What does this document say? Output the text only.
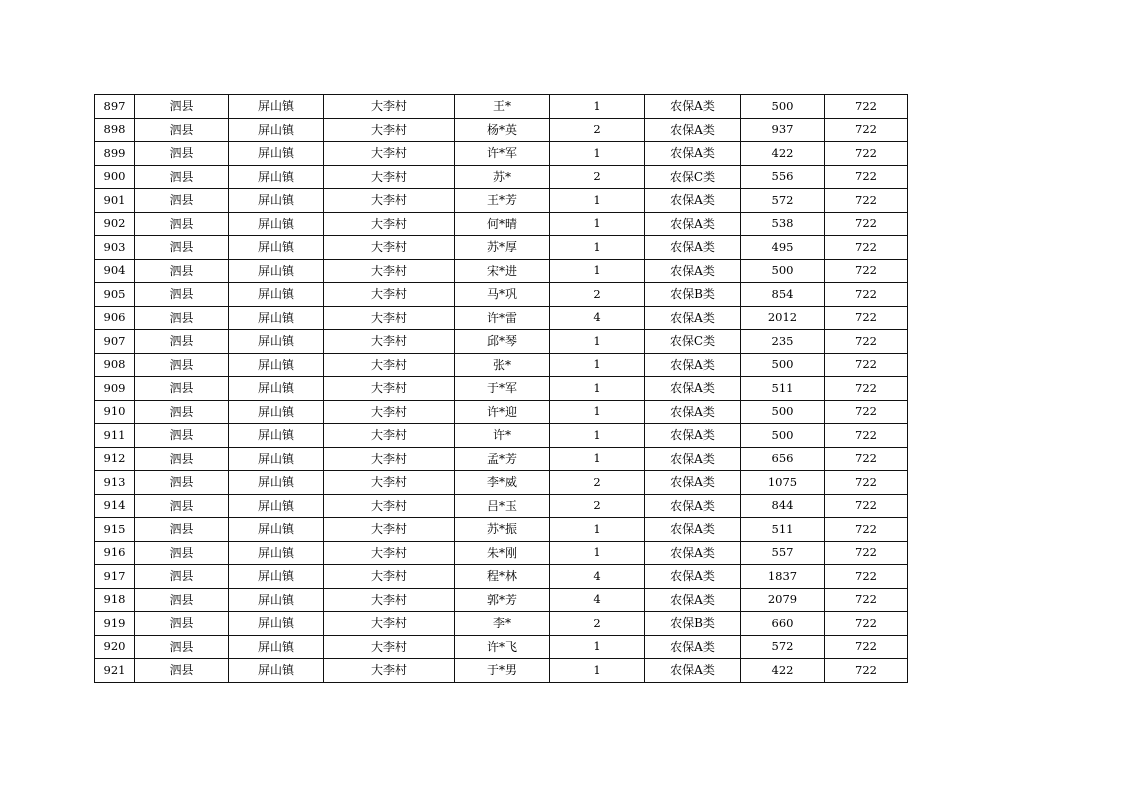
897	泗县	屏山镇	大李村	王*	1	农保A类	500	722
898	泗县	屏山镇	大李村	杨*英	2	农保A类	937	722
899	泗县	屏山镇	大李村	许*军	1	农保A类	422	722
900	泗县	屏山镇	大李村	苏*	2	农保C类	556	722
901	泗县	屏山镇	大李村	王*芳	1	农保A类	572	722
902	泗县	屏山镇	大李村	何*晴	1	农保A类	538	722
903	泗县	屏山镇	大李村	苏*厚	1	农保A类	495	722
904	泗县	屏山镇	大李村	宋*进	1	农保A类	500	722
905	泗县	屏山镇	大李村	马*巩	2	农保B类	854	722
906	泗县	屏山镇	大李村	许*雷	4	农保A类	2012	722
907	泗县	屏山镇	大李村	邱*琴	1	农保C类	235	722
908	泗县	屏山镇	大李村	张*	1	农保A类	500	722
909	泗县	屏山镇	大李村	于*军	1	农保A类	511	722
910	泗县	屏山镇	大李村	许*迎	1	农保A类	500	722
911	泗县	屏山镇	大李村	许*	1	农保A类	500	722
912	泗县	屏山镇	大李村	孟*芳	1	农保A类	656	722
913	泗县	屏山镇	大李村	李*威	2	农保A类	1075	722
914	泗县	屏山镇	大李村	吕*玉	2	农保A类	844	722
915	泗县	屏山镇	大李村	苏*振	1	农保A类	511	722
916	泗县	屏山镇	大李村	朱*刚	1	农保A类	557	722
917	泗县	屏山镇	大李村	程*林	4	农保A类	1837	722
918	泗县	屏山镇	大李村	郭*芳	4	农保A类	2079	722
919	泗县	屏山镇	大李村	李*	2	农保B类	660	722
920	泗县	屏山镇	大李村	许*飞	1	农保A类	572	722
921	泗县	屏山镇	大李村	于*男	1	农保A类	422	722
